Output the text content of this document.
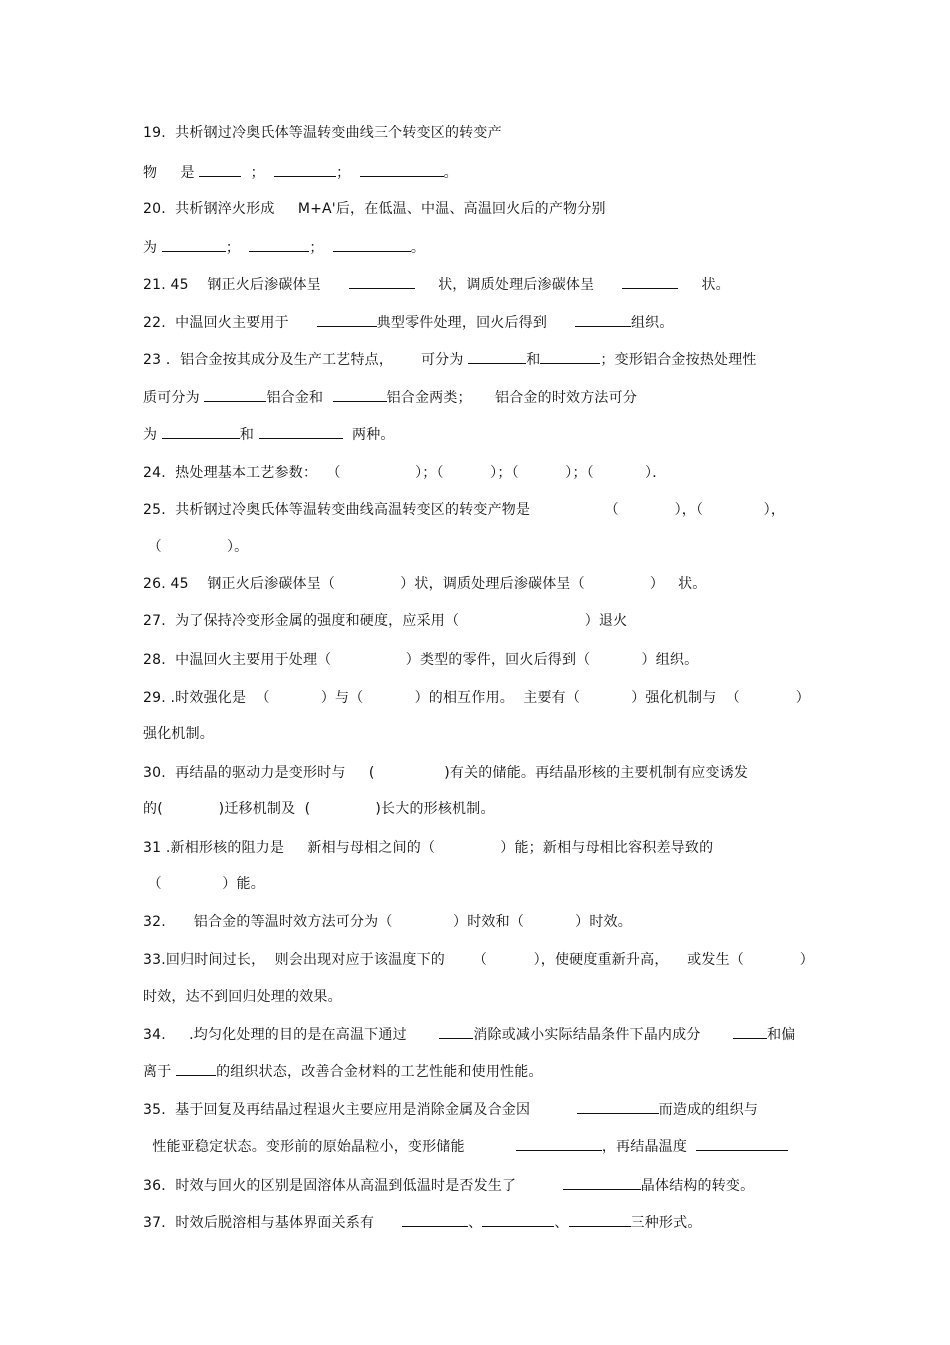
19.  共析钢过冷奥氏体等温转变曲线三个转变区的转变产
物     是	；	；	。
20.  共析钢淬火形成     M+A'后，在低温、中温、高温回火后的产物分别
为	；	；	。
21. 45    钢正火后渗碳体呈	状，调质处理后渗碳体呈	状。
22.  中温回火主要用于	典型零件处理，回火后得到	组织。
23 ．铝合金按其成分及生产工艺特点，      可分为	和	；变形铝合金按热处理性
质可分为	铝合金和	铝合金两类；     铝合金的时效方法可分
为	和	两种。
24.  热处理基本工艺参数：  （                ）；（          ）；（          ）；（           ）．
25.  共析钢过冷奥氏体等温转变曲线高温转变区的转变产物是                （            ），（             ），
（              ）。
26. 45    钢正火后渗碳体呈（              ）状，调质处理后渗碳体呈（              ）   状。
27.  为了保持冷变形金属的强度和硬度，应采用（                           ）退火
28.  中温回火主要用于处理（                ）类型的零件，回火后得到（           ）组织。
29. .时效强化是  （           ）与（           ）的相互作用。  主要有（           ）强化机制与  （            ）
强化机制。
30.  再结晶的驱动力是变形时与     (               )有关的储能。再结晶形核的主要机制有应变诱发
的(            )迁移机制及  (              )长大的形核机制。
31 .新相形核的阻力是     新相与母相之间的（              ）能；新相与母相比容积差导致的
（             ）能。
32.      铝合金的等温时效方法可分为（             ）时效和（           ）时效。
33.回归时间过长，  则会出现对应于该温度下的      （          ），使硬度重新升高，    或发生（            ）
时效，达不到回归处理的效果。
34.     .均匀化处理的目的是在高温下通过       消除或减小实际结晶条件下晶内成分       和偏
离于	的组织状态，改善合金材料的工艺性能和使用性能。
35.  基于回复及再结晶过程退火主要应用是消除金属及合金因	而造成的组织与
性能亚稳定状态。变形前的原始晶粒小，变形储能	，再结晶温度
36．时效与回火的区别是固溶体从高温到低温时是否发生了	晶体结构的转变。
37．时效后脱溶相与基体界面关系有	、	、	三种形式。
